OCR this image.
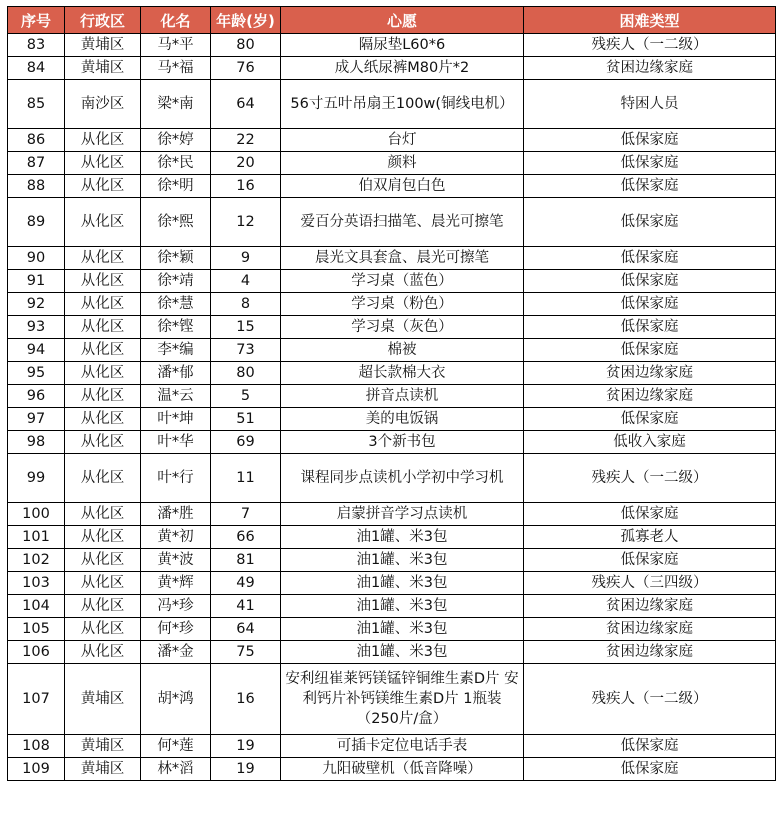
序号	行政区	化名	年龄(岁)	心愿	困难类型
83	黄埔区	马*平	80	隔尿垫L60*6	残疾人（一二级）
84	黄埔区	马*福	76	成人纸尿裤M80片*2	贫困边缘家庭
85	南沙区	梁*南	64	56寸五叶吊扇王100w(铜线电机）	特困人员
86	从化区	徐*婷	22	台灯	低保家庭
87	从化区	徐*民	20	颜料	低保家庭
88	从化区	徐*明	16	伯双肩包白色	低保家庭
89	从化区	徐*熙	12	爱百分英语扫描笔、晨光可擦笔	低保家庭
90	从化区	徐*颖	9	晨光文具套盒、晨光可擦笔	低保家庭
91	从化区	徐*靖	4	学习桌（蓝色）	低保家庭
92	从化区	徐*慧	8	学习桌（粉色）	低保家庭
93	从化区	徐*铿	15	学习桌（灰色）	低保家庭
94	从化区	李*编	73	棉被	低保家庭
95	从化区	潘*郁	80	超长款棉大衣	贫困边缘家庭
96	从化区	温*云	5	拼音点读机	贫困边缘家庭
97	从化区	叶*坤	51	美的电饭锅	低保家庭
98	从化区	叶*华	69	3个新书包	低收入家庭
99	从化区	叶*行	11	课程同步点读机小学初中学习机	残疾人（一二级）
100	从化区	潘*胜	7	启蒙拼音学习点读机	低保家庭
101	从化区	黄*初	66	油1罐、米3包	孤寡老人
102	从化区	黄*波	81	油1罐、米3包	低保家庭
103	从化区	黄*辉	49	油1罐、米3包	残疾人（三四级）
104	从化区	冯*珍	41	油1罐、米3包	贫困边缘家庭
105	从化区	何*珍	64	油1罐、米3包	贫困边缘家庭
106	从化区	潘*金	75	油1罐、米3包	贫困边缘家庭
107	黄埔区	胡*鸿	16	安利纽崔莱钙镁锰锌铜维生素D片 安利钙片补钙镁维生素D片 1瓶装（250片/盒）	残疾人（一二级）
108	黄埔区	何*莲	19	可插卡定位电话手表	低保家庭
109	黄埔区	林*滔	19	九阳破壁机（低音降噪）	低保家庭
